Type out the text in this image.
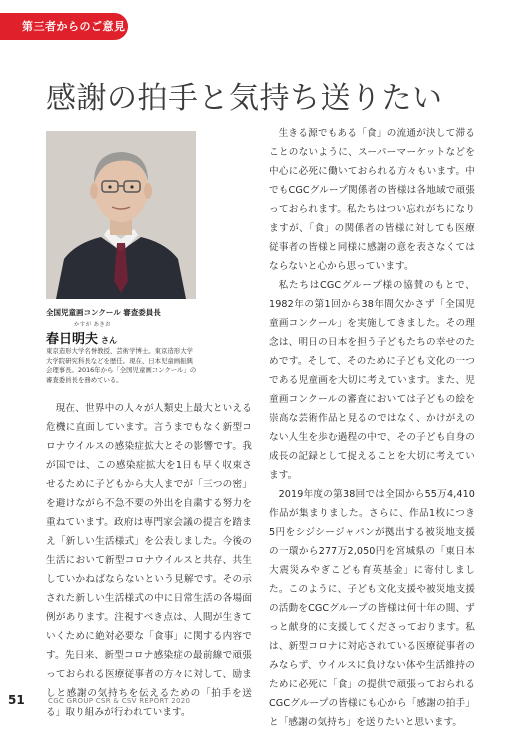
第三者からのご意見
感謝の拍手と気持ち送りたい
全国児童画コンクール 審査委員長
かすが あきお
春日明夫 さん
東京造形大学名誉教授、芸術学博士。東京造形大学大学院研究科長などを歴任。現在、日本児童画振興会理事長。2016年から「全国児童画コンクール」の審査委員長を務めている。

現在、世界中の人々が人類史上最大といえる危機に直面しています。言うまでもなく新型コロナウイルスの感染症拡大とその影響です。我が国では、この感染症拡大を1日も早く収束させるために子どもから大人までが「三つの密」を避けながら不急不要の外出を自粛する努力を重ねています。政府は専門家会議の提言を踏まえ「新しい生活様式」を公表しました。今後の生活において新型コロナウイルスと共存、共生していかねばならないという見解です。その示された新しい生活様式の中に日常生活の各場面例があります。注視すべき点は、人間が生きていくために絶対必要な「食事」に関する内容です。先日来、新型コロナ感染症の最前線で頑張っておられる医療従事者の方々に対して、励ましと感謝の気持ちを伝えるための「拍手を送る」取り組みが行われています。

生きる源でもある「食」の流通が決して滞ることのないように、スーパーマーケットなどを中心に必死に働いておられる方々もいます。中でもCGCグループ関係者の皆様は各地域で頑張っておられます。私たちはつい忘れがちになりますが、「食」の関係者の皆様に対しても医療従事者の皆様と同様に感謝の意を表さなくてはならないと心から思っています。

私たちはCGCグループ様の協賛のもとで、1982年の第1回から38年間欠かさず「全国児童画コンクール」を実施してきました。その理念は、明日の日本を担う子どもたちの幸せのためです。そして、そのために子ども文化の一つである児童画を大切に考えています。また、児童画コンクールの審査においては子どもの絵を崇高な芸術作品と見るのではなく、かけがえのない人生を歩む過程の中で、その子ども自身の成長の記録として捉えることを大切に考えています。

2019年度の第38回では全国から55万4,410作品が集まりました。さらに、作品1枚につき5円をシジシージャパンが拠出する被災地支援の一環から277万2,050円を宮城県の「東日本大震災みやぎこども育英基金」に寄付しました。このように、子ども文化支援や被災地支援の活動をCGCグループの皆様は何十年の間、ずっと献身的に支援してくださっております。私は、新型コロナに対応されている医療従事者のみならず、ウイルスに負けない体や生活維持のために必死に「食」の提供で頑張っておられるCGCグループの皆様にも心から「感謝の拍手」と「感謝の気持ち」を送りたいと思います。

51	CGC GROUP CSR & CSV REPORT 2020
